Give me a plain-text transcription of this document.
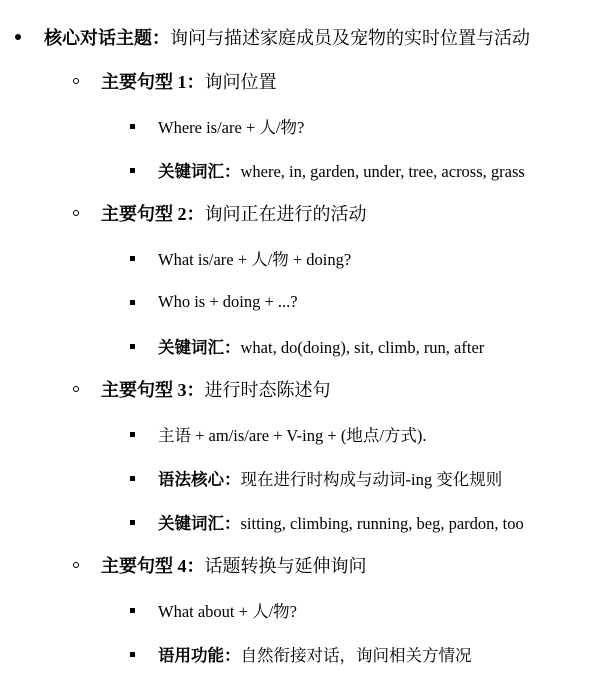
核心对话主题：询问与描述家庭成员及宠物的实时位置与活动
主要句型 1：询问位置
Where is/are + 人/物?
关键词汇：where, in, garden, under, tree, across, grass
主要句型 2：询问正在进行的活动
What is/are + 人/物 + doing?
Who is + doing + ...?
关键词汇：what, do(doing), sit, climb, run, after
主要句型 3：进行时态陈述句
主语 + am/is/are + V-ing + (地点/方式).
语法核心：现在进行时构成与动词-ing 变化规则
关键词汇：sitting, climbing, running, beg, pardon, too
主要句型 4：话题转换与延伸询问
What about + 人/物?
语用功能：自然衔接对话，询问相关方情况
